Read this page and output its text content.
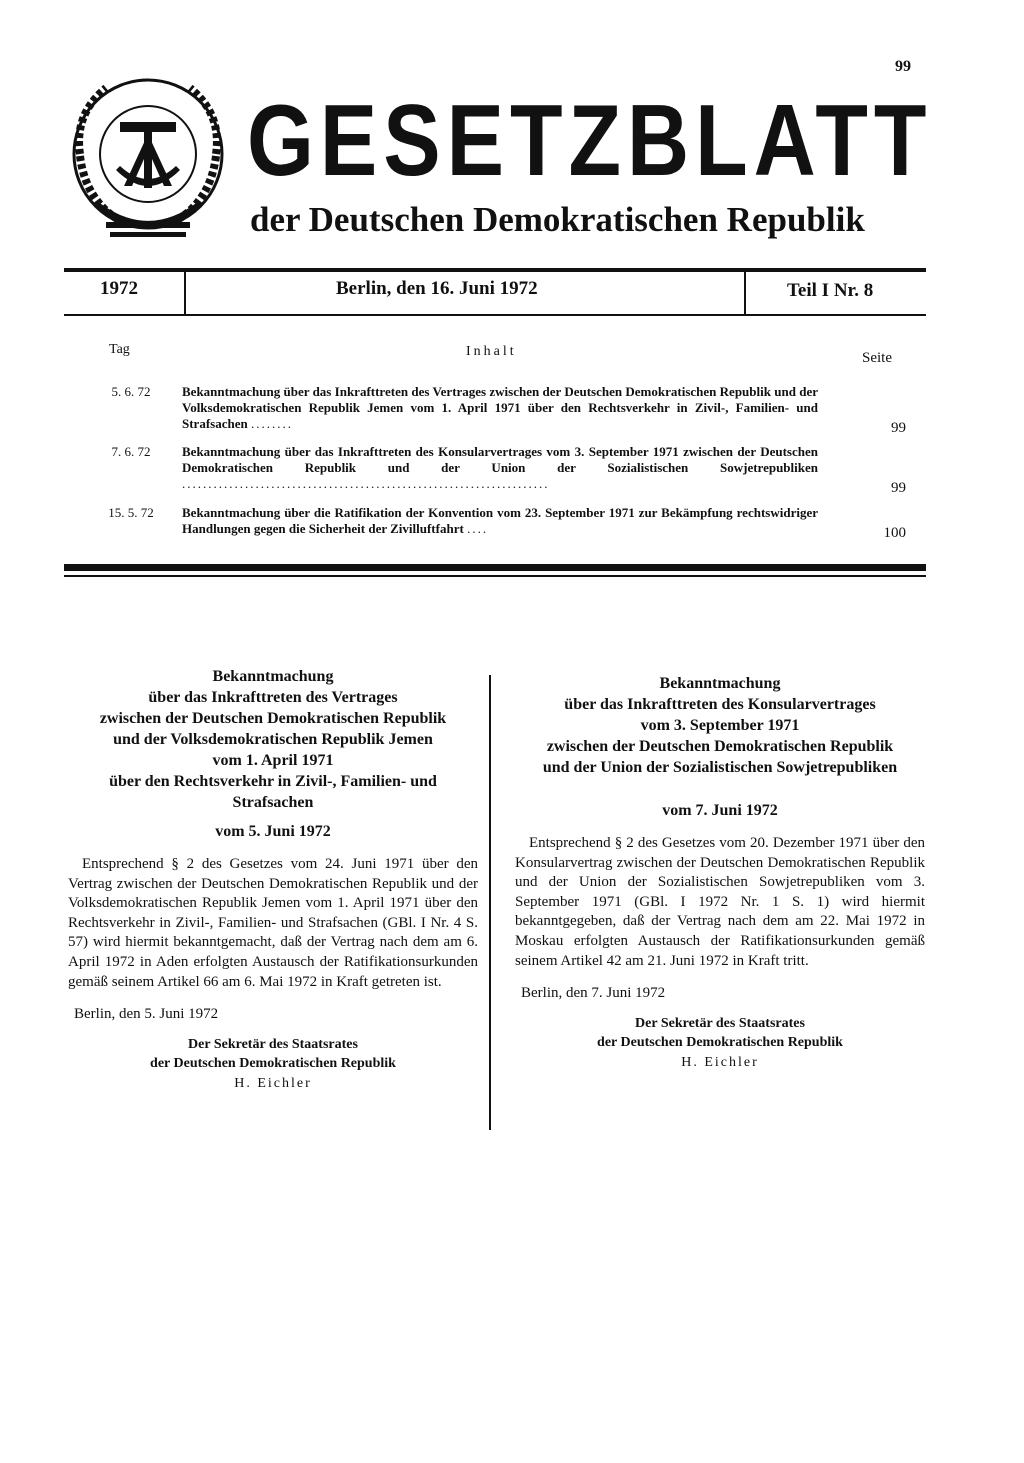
99
GESETZBLATT
der Deutschen Demokratischen Republik
1972	Berlin, den 16. Juni 1972	Teil I Nr. 8
Tag	Inhalt	Seite
5. 6. 72	Bekanntmachung über das Inkrafttreten des Vertrages zwischen der Deutschen Demokratischen Republik und der Volksdemokratischen Republik Jemen vom 1. April 1971 über den Rechtsverkehr in Zivil-, Familien- und Strafsachen ........	99
7. 6. 72	Bekanntmachung über das Inkrafttreten des Konsularvertrages vom 3. September 1971 zwischen der Deutschen Demokratischen Republik und der Union der Sozialistischen Sowjetrepubliken ......................................................................	99
15. 5. 72	Bekanntmachung über die Ratifikation der Konvention vom 23. September 1971 zur Bekämpfung rechtswidriger Handlungen gegen die Sicherheit der Zivilluftfahrt ....	100

Bekanntmachung

über das Inkrafttreten des Vertrages

zwischen der Deutschen Demokratischen Republik

und der Volksdemokratischen Republik Jemen

vom 1. April 1971

über den Rechtsverkehr in Zivil-, Familien- und

Strafsachen

vom 5. Juni 1972

Entsprechend § 2 des Gesetzes vom 24. Juni 1971 über den Vertrag zwischen der Deutschen Demokratischen Republik und der Volksdemokratischen Republik Jemen vom 1. April 1971 über den Rechtsverkehr in Zivil-, Familien- und Strafsachen (GBl. I Nr. 4 S. 57) wird hiermit bekanntgemacht, daß der Vertrag nach dem am 6. April 1972 in Aden erfolgten Austausch der Ratifikationsurkunden gemäß seinem Artikel 66 am 6. Mai 1972 in Kraft getreten ist.

Berlin, den 5. Juni 1972

Der Sekretär des Staatsrates

der Deutschen Demokratischen Republik

H. Eichler

Bekanntmachung

über das Inkrafttreten des Konsularvertrages

vom 3. September 1971

zwischen der Deutschen Demokratischen Republik

und der Union der Sozialistischen Sowjetrepubliken

vom 7. Juni 1972

Entsprechend § 2 des Gesetzes vom 20. Dezember 1971 über den Konsularvertrag zwischen der Deutschen Demokratischen Republik und der Union der Sozialistischen Sowjetrepubliken vom 3. September 1971 (GBl. I 1972 Nr. 1 S. 1) wird hiermit bekanntgegeben, daß der Vertrag nach dem am 22. Mai 1972 in Moskau erfolgten Austausch der Ratifikationsurkunden gemäß seinem Artikel 42 am 21. Juni 1972 in Kraft tritt.

Berlin, den 7. Juni 1972

Der Sekretär des Staatsrates

der Deutschen Demokratischen Republik

H. Eichler
